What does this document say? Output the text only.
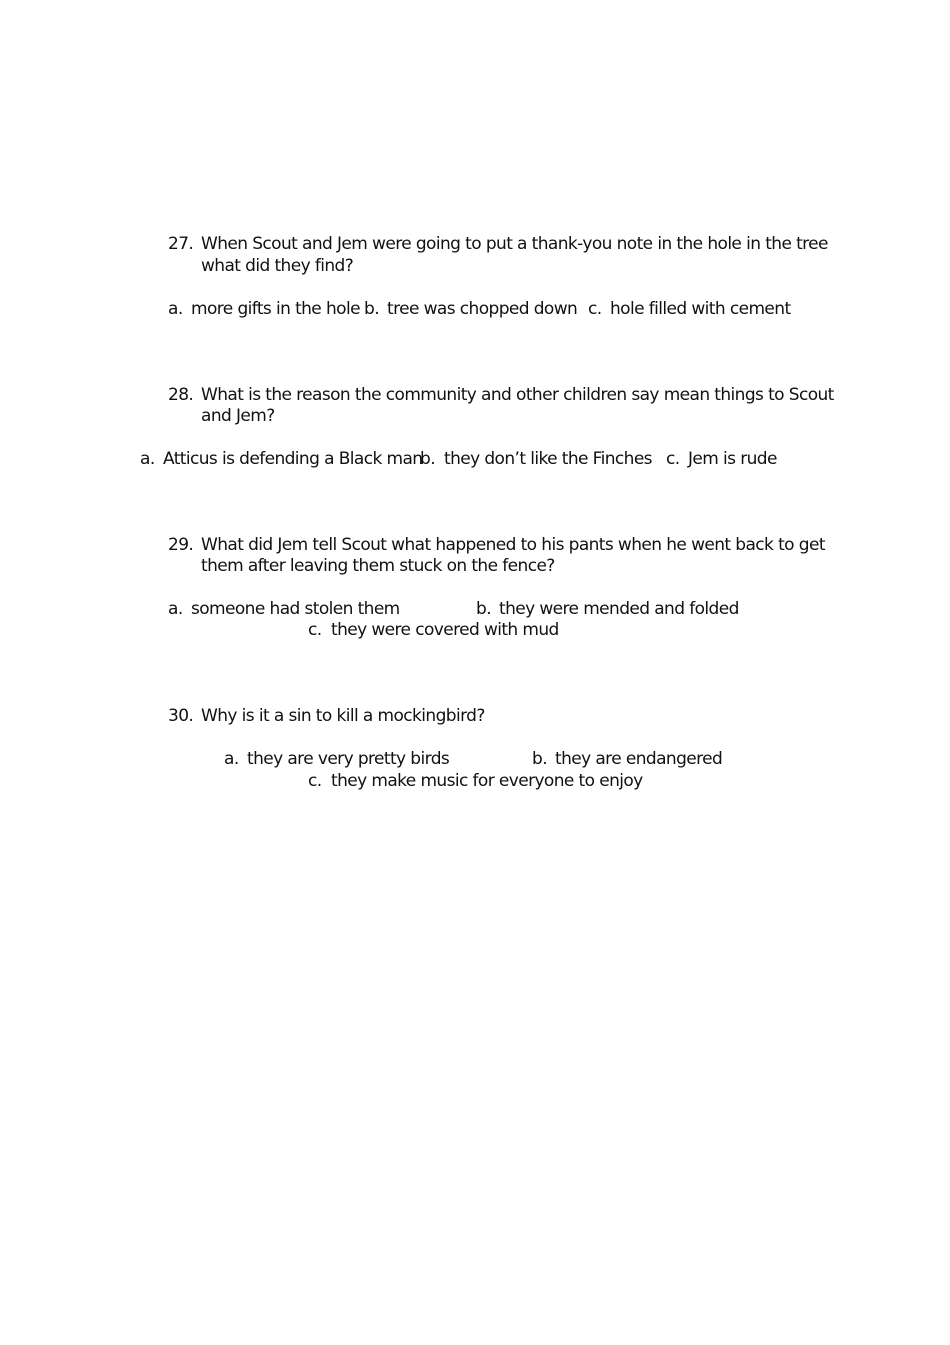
27. When Scout and Jem were going to put a thank-you note in the hole in the tree
what did they find?
a. more gifts in the hole b. tree was chopped down c. hole filled with cement
28. What is the reason the community and other children say mean things to Scout
and Jem?
a. Atticus is defending a Black man
b. they don’t like the Finches c. Jem is rude
29. What did Jem tell Scout what happened to his pants when he went back to get
them after leaving them stuck on the fence?
a. someone had stolen them	b. they were mended and folded
c. they were covered with mud
30. Why is it a sin to kill a mockingbird?
a. they are very pretty birds	b. they are endangered
c. they make music for everyone to enjoy
